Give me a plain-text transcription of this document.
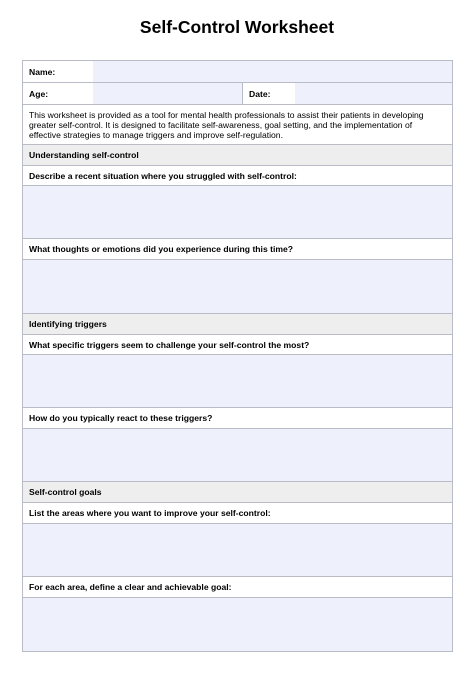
Self-Control Worksheet
Name:
Age:	Date:
This worksheet is provided as a tool for mental health professionals to assist their patients in developing greater self-control. It is designed to facilitate self-awareness, goal setting, and the implementation of effective strategies to manage triggers and improve self-regulation.
Understanding self-control
Describe a recent situation where you struggled with self-control:
What thoughts or emotions did you experience during this time?
Identifying triggers
What specific triggers seem to challenge your self-control the most?
How do you typically react to these triggers?
Self-control goals
List the areas where you want to improve your self-control:
For each area, define a clear and achievable goal:
